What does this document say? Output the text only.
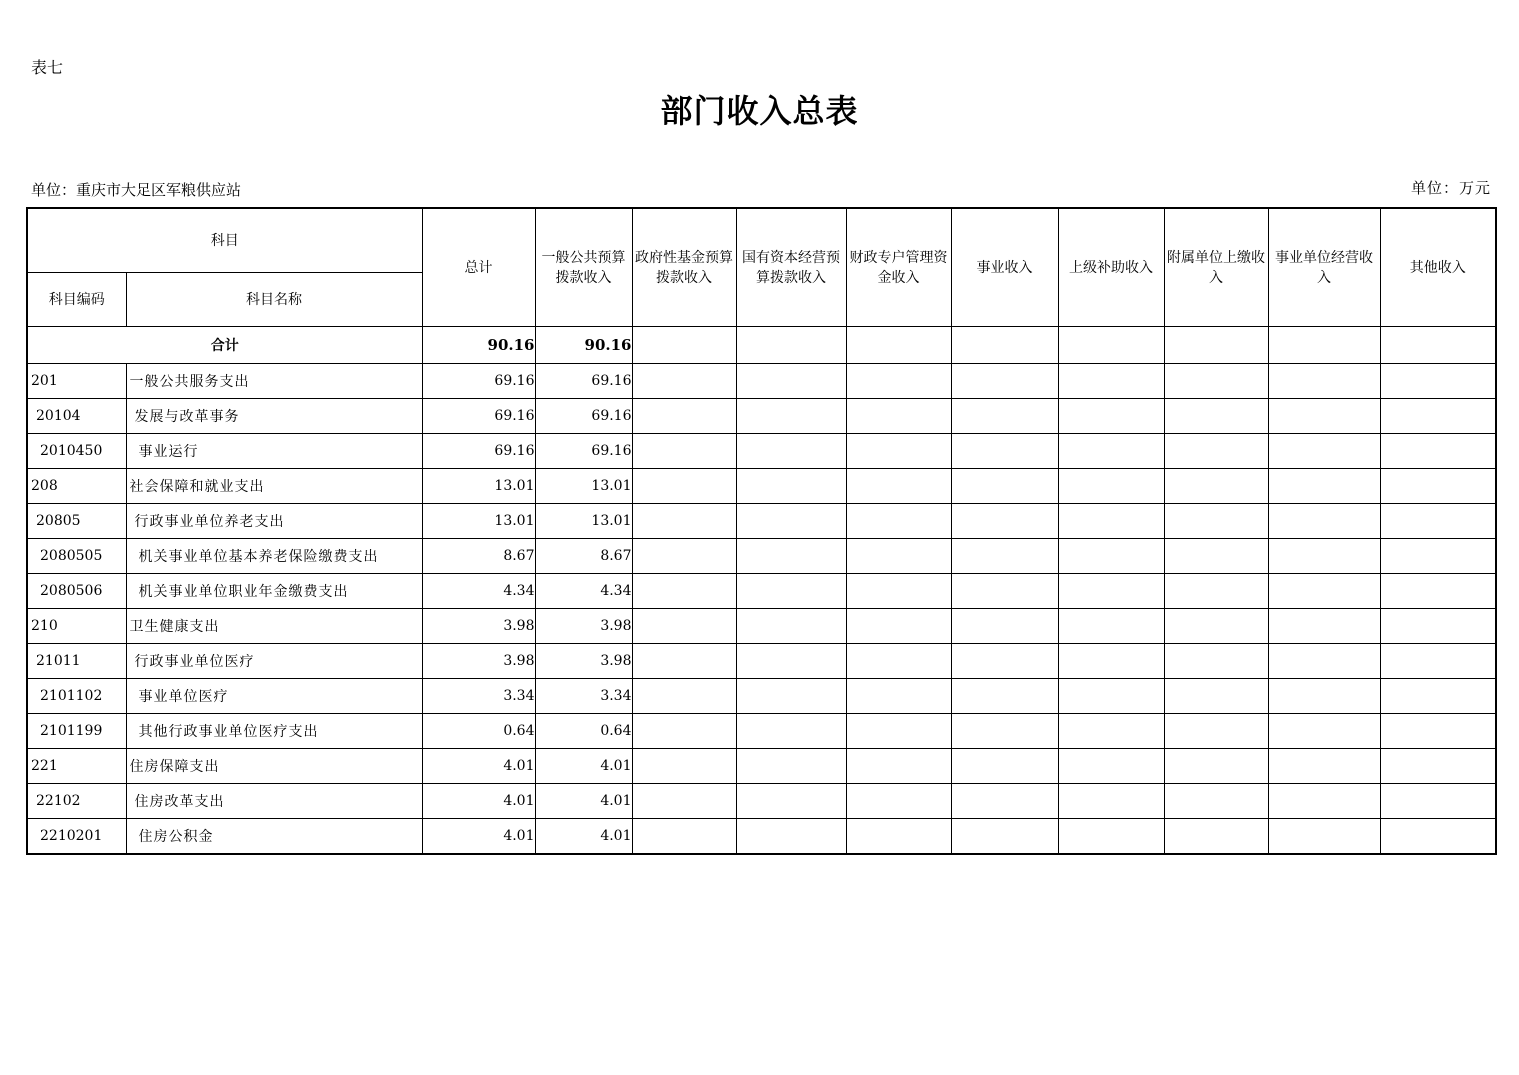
表七
部门收入总表
单位：重庆市大足区军粮供应站	单位：万元
科目		总计	一般公共预算拨款收入	政府性基金预算拨款收入	国有资本经营预算拨款收入	财政专户管理资金收入	事业收入	上级补助收入	附属单位上缴收入	事业单位经营收入	其他收入
科目编码	科目名称										
合计		90.16	90.16								
201	一般公共服务支出	69.16	69.16								
20104	发展与改革事务	69.16	69.16								
2010450	事业运行	69.16	69.16								
208	社会保障和就业支出	13.01	13.01								
20805	行政事业单位养老支出	13.01	13.01								
2080505	机关事业单位基本养老保险缴费支出	8.67	8.67								
2080506	机关事业单位职业年金缴费支出	4.34	4.34								
210	卫生健康支出	3.98	3.98								
21011	行政事业单位医疗	3.98	3.98								
2101102	事业单位医疗	3.34	3.34								
2101199	其他行政事业单位医疗支出	0.64	0.64								
221	住房保障支出	4.01	4.01								
22102	住房改革支出	4.01	4.01								
2210201	住房公积金	4.01	4.01								
